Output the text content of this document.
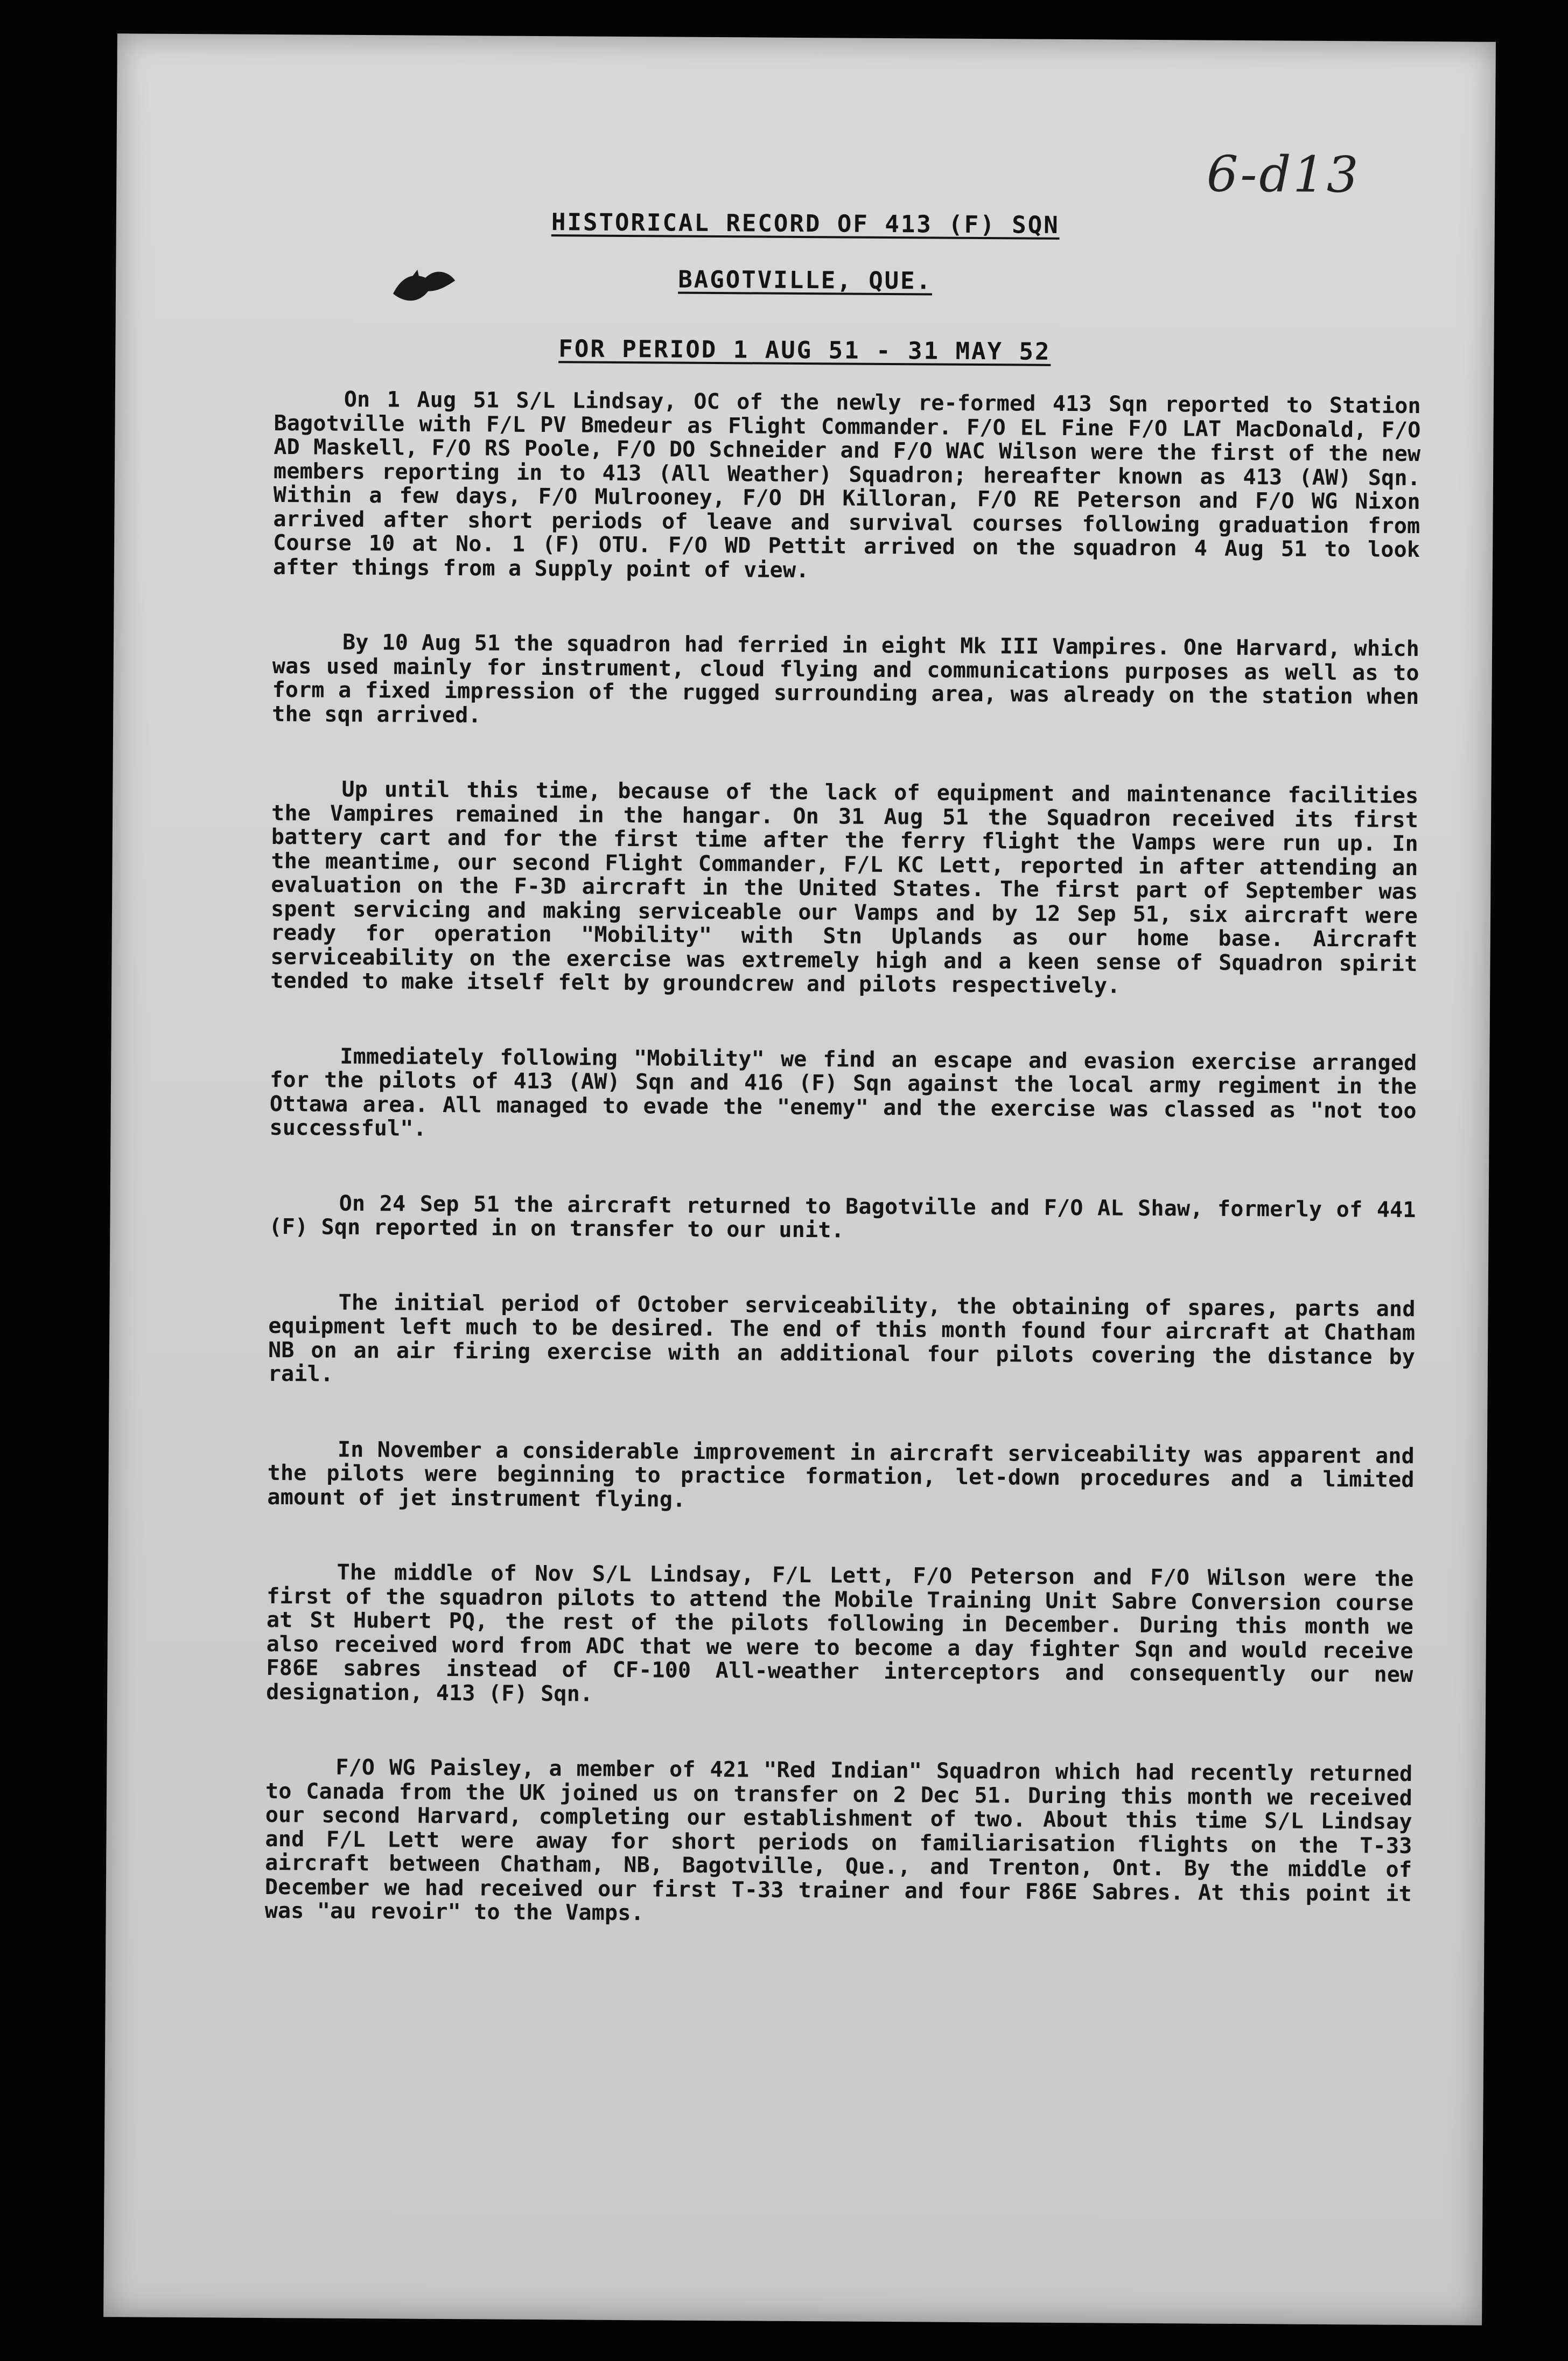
6-d13
HISTORICAL RECORD OF 413 (F) SQN
BAGOTVILLE, QUE.
FOR PERIOD 1 AUG 51 - 31 MAY 52

On 1 Aug 51 S/L Lindsay, OC of the newly re-formed 413 Sqn reported to Station Bagotville with F/L PV Bmedeur as Flight Commander. F/O EL Fine F/O LAT MacDonald, F/O AD Maskell, F/O RS Poole, F/O DO Schneider and F/O WAC Wilson were the first of the new members reporting in to 413 (All Weather) Squadron; hereafter known as 413 (AW) Sqn. Within a few days, F/O Mulrooney, F/O DH Killoran, F/O RE Peterson and F/O WG Nixon arrived after short periods of leave and survival courses following graduation from Course 10 at No. 1 (F) OTU. F/O WD Pettit arrived on the squadron 4 Aug 51 to look after things from a Supply point of view.

By 10 Aug 51 the squadron had ferried in eight Mk III Vampires. One Harvard, which was used mainly for instrument, cloud flying and communications purposes as well as to form a fixed impression of the rugged surrounding area, was already on the station when the sqn arrived.

Up until this time, because of the lack of equipment and maintenance facilities the Vampires remained in the hangar. On 31 Aug 51 the Squadron received its first battery cart and for the first time after the ferry flight the Vamps were run up. In the meantime, our second Flight Commander, F/L KC Lett, reported in after attending an evaluation on the F-3D aircraft in the United States. The first part of September was spent servicing and making serviceable our Vamps and by 12 Sep 51, six aircraft were ready for operation "Mobility" with Stn Uplands as our home base. Aircraft serviceability on the exercise was extremely high and a keen sense of Squadron spirit tended to make itself felt by groundcrew and pilots respectively.

Immediately following "Mobility" we find an escape and evasion exercise arranged for the pilots of 413 (AW) Sqn and 416 (F) Sqn against the local army regiment in the Ottawa area. All managed to evade the "enemy" and the exercise was classed as "not too successful".

On 24 Sep 51 the aircraft returned to Bagotville and F/O AL Shaw, formerly of 441 (F) Sqn reported in on transfer to our unit.

The initial period of October serviceability, the obtaining of spares, parts and equipment left much to be desired. The end of this month found four aircraft at Chatham NB on an air firing exercise with an additional four pilots covering the distance by rail.

In November a considerable improvement in aircraft serviceability was apparent and the pilots were beginning to practice formation, let-down procedures and a limited amount of jet instrument flying.

The middle of Nov S/L Lindsay, F/L Lett, F/O Peterson and F/O Wilson were the first of the squadron pilots to attend the Mobile Training Unit Sabre Conversion course at St Hubert PQ, the rest of the pilots following in December. During this month we also received word from ADC that we were to become a day fighter Sqn and would receive F86E sabres instead of CF-100 All-weather interceptors and consequently our new designation, 413 (F) Sqn.

F/O WG Paisley, a member of 421 "Red Indian" Squadron which had recently returned to Canada from the UK joined us on transfer on 2 Dec 51. During this month we received our second Harvard, completing our establishment of two. About this time S/L Lindsay and F/L Lett were away for short periods on familiarisation flights on the T-33 aircraft between Chatham, NB, Bagotville, Que., and Trenton, Ont. By the middle of December we had received our first T-33 trainer and four F86E Sabres. At this point it was "au revoir" to the Vamps.
